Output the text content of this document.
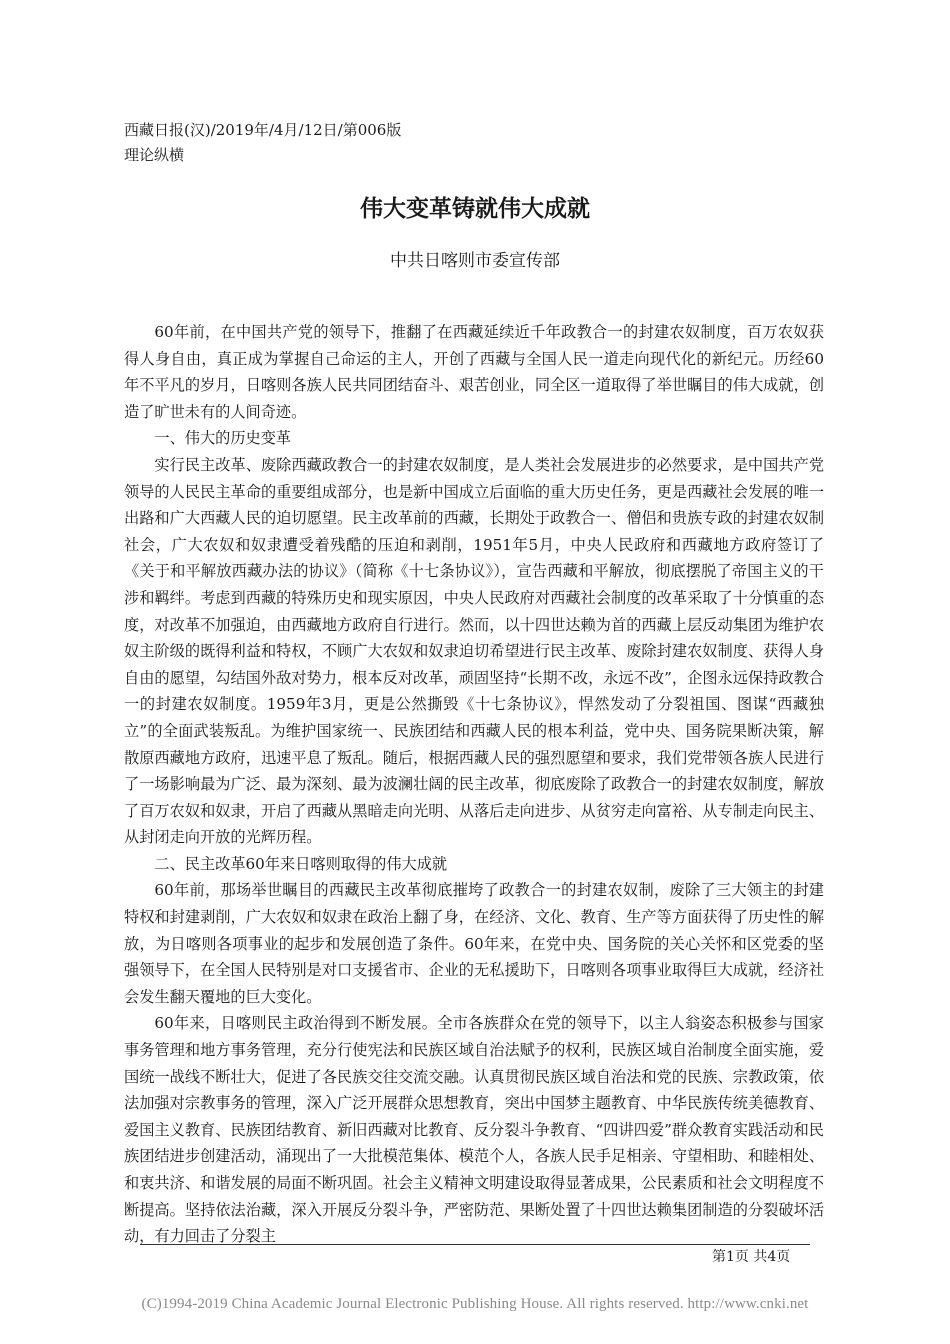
西藏日报(汉)/2019年/4月/12日/第006版
理论纵横
伟大变革铸就伟大成就
中共日喀则市委宣传部

60年前，在中国共产党的领导下，推翻了在西藏延续近千年政教合一的封建农奴制度，百万农奴获得人身自由，真正成为掌握自己命运的主人，开创了西藏与全国人民一道走向现代化的新纪元。历经60年不平凡的岁月，日喀则各族人民共同团结奋斗、艰苦创业，同全区一道取得了举世瞩目的伟大成就，创造了旷世未有的人间奇迹。

一、伟大的历史变革

实行民主改革、废除西藏政教合一的封建农奴制度，是人类社会发展进步的必然要求，是中国共产党领导的人民民主革命的重要组成部分，也是新中国成立后面临的重大历史任务，更是西藏社会发展的唯一出路和广大西藏人民的迫切愿望。民主改革前的西藏，长期处于政教合一、僧侣和贵族专政的封建农奴制社会，广大农奴和奴隶遭受着残酷的压迫和剥削，1951年5月，中央人民政府和西藏地方政府签订了《关于和平解放西藏办法的协议》（简称《十七条协议》），宣告西藏和平解放，彻底摆脱了帝国主义的干涉和羁绊。考虑到西藏的特殊历史和现实原因，中央人民政府对西藏社会制度的改革采取了十分慎重的态度，对改革不加强迫，由西藏地方政府自行进行。然而，以十四世达赖为首的西藏上层反动集团为维护农奴主阶级的既得利益和特权，不顾广大农奴和奴隶迫切希望进行民主改革、废除封建农奴制度、获得人身自由的愿望，勾结国外敌对势力，根本反对改革，顽固坚持“长期不改，永远不改”，企图永远保持政教合一的封建农奴制度。1959年3月，更是公然撕毁《十七条协议》，悍然发动了分裂祖国、图谋“西藏独立”的全面武装叛乱。为维护国家统一、民族团结和西藏人民的根本利益，党中央、国务院果断决策，解散原西藏地方政府，迅速平息了叛乱。随后，根据西藏人民的强烈愿望和要求，我们党带领各族人民进行了一场影响最为广泛、最为深刻、最为波澜壮阔的民主改革，彻底废除了政教合一的封建农奴制度，解放了百万农奴和奴隶，开启了西藏从黑暗走向光明、从落后走向进步、从贫穷走向富裕、从专制走向民主、从封闭走向开放的光辉历程。

二、民主改革60年来日喀则取得的伟大成就

60年前，那场举世瞩目的西藏民主改革彻底摧垮了政教合一的封建农奴制，废除了三大领主的封建特权和封建剥削，广大农奴和奴隶在政治上翻了身，在经济、文化、教育、生产等方面获得了历史性的解放，为日喀则各项事业的起步和发展创造了条件。60年来，在党中央、国务院的关心关怀和区党委的坚强领导下，在全国人民特别是对口支援省市、企业的无私援助下，日喀则各项事业取得巨大成就，经济社会发生翻天覆地的巨大变化。

60年来，日喀则民主政治得到不断发展。全市各族群众在党的领导下，以主人翁姿态积极参与国家事务管理和地方事务管理，充分行使宪法和民族区域自治法赋予的权利，民族区域自治制度全面实施，爱国统一战线不断壮大，促进了各民族交往交流交融。认真贯彻民族区域自治法和党的民族、宗教政策，依法加强对宗教事务的管理，深入广泛开展群众思想教育，突出中国梦主题教育、中华民族传统美德教育、爱国主义教育、民族团结教育、新旧西藏对比教育、反分裂斗争教育、“四讲四爱”群众教育实践活动和民族团结进步创建活动，涌现出了一大批模范集体、模范个人，各族人民手足相亲、守望相助、和睦相处、和衷共济、和谐发展的局面不断巩固。社会主义精神文明建设取得显著成果，公民素质和社会文明程度不断提高。坚持依法治藏，深入开展反分裂斗争，严密防范、果断处置了十四世达赖集团制造的分裂破坏活动，有力回击了分裂主

第1页 共4页
(C)1994-2019 China Academic Journal Electronic Publishing House. All rights reserved. http://www.cnki.net
